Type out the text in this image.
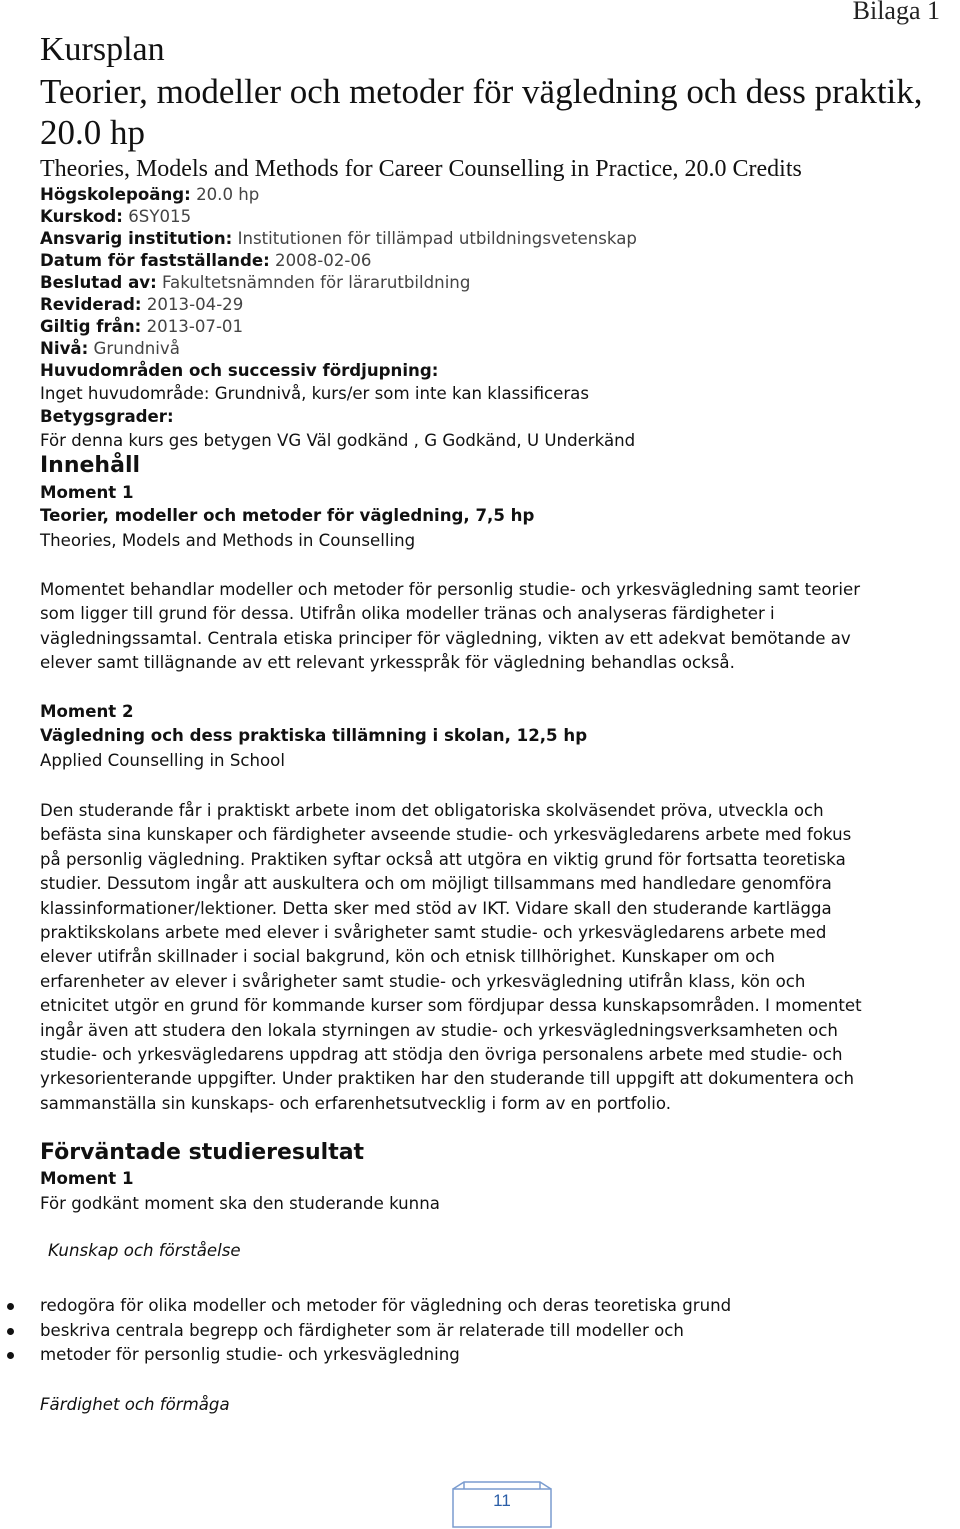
Bilaga 1
Kursplan
Teorier, modeller och metoder för vägledning och dess praktik, 20.0 hp
Theories, Models and Methods for Career Counselling in Practice, 20.0 Credits
Högskolepoäng: 20.0 hp
Kurskod: 6SY015
Ansvarig institution: Institutionen för tillämpad utbildningsvetenskap
Datum för fastställande: 2008-02-06
Beslutad av: Fakultetsnämnden för lärarutbildning
Reviderad: 2013-04-29
Giltig från: 2013-07-01
Nivå: Grundnivå
Huvudområden och successiv fördjupning:
Inget huvudområde: Grundnivå, kurs/er som inte kan klassificeras
Betygsgrader:
För denna kurs ges betygen VG Väl godkänd , G Godkänd, U Underkänd
Innehåll
Moment 1
Teorier, modeller och metoder för vägledning, 7,5 hp
Theories, Models and Methods in Counselling
Momentet behandlar modeller och metoder för personlig studie- och yrkesvägledning samt teorier
som ligger till grund för dessa. Utifrån olika modeller tränas och analyseras färdigheter i
vägledningssamtal. Centrala etiska principer för vägledning, vikten av ett adekvat bemötande av
elever samt tillägnande av ett relevant yrkesspråk för vägledning behandlas också.
Moment 2
Vägledning och dess praktiska tillämning i skolan, 12,5 hp
Applied Counselling in School
Den studerande får i praktiskt arbete inom det obligatoriska skolväsendet pröva, utveckla och
befästa sina kunskaper och färdigheter avseende studie- och yrkesvägledarens arbete med fokus
på personlig vägledning. Praktiken syftar också att utgöra en viktig grund för fortsatta teoretiska
studier. Dessutom ingår att auskultera och om möjligt tillsammans med handledare genomföra
klassinformationer/lektioner. Detta sker med stöd av IKT. Vidare skall den studerande kartlägga
praktikskolans arbete med elever i svårigheter samt studie- och yrkesvägledarens arbete med
elever utifrån skillnader i social bakgrund, kön och etnisk tillhörighet. Kunskaper om och
erfarenheter av elever i svårigheter samt studie- och yrkesvägledning utifrån klass, kön och
etnicitet utgör en grund för kommande kurser som fördjupar dessa kunskapsområden. I momentet
ingår även att studera den lokala styrningen av studie- och yrkesvägledningsverksamheten och
studie- och yrkesvägledarens uppdrag att stödja den övriga personalens arbete med studie- och
yrkesorienterande uppgifter. Under praktiken har den studerande till uppgift att dokumentera och
sammanställa sin kunskaps- och erfarenhetsutvecklig i form av en portfolio.
Förväntade studieresultat
Moment 1
För godkänt moment ska den studerande kunna
Kunskap och förståelse
redogöra för olika modeller och metoder för vägledning och deras teoretiska grund
beskriva centrala begrepp och färdigheter som är relaterade till modeller och
metoder för personlig studie- och yrkesvägledning
Färdighet och förmåga
11
